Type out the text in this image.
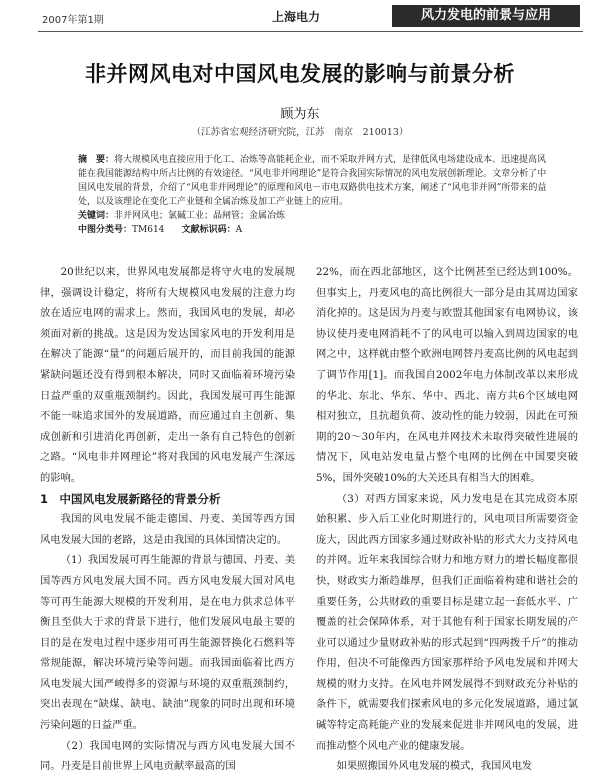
2007年第1期	上海电力	风力发电的前景与应用
非并网风电对中国风电发展的影响与前景分析
顾为东
（江苏省宏观经济研究院，江苏　南京　210013）
摘　要：将大规模风电直接应用于化工、冶炼等高能耗企业，而不采取并网方式，是律低风电场建设成本、迅速提高风能在我国能源结构中所占比例的有效途径。“风电非并网理论”是符合我国实际情况的风电发展创新理论。文章分析了中国风电发展的背景，介绍了“风电非并网理论”的原理和风电－市电双路供电技术方案，阐述了“风电非并网”所带来的益处，以及该理论在变化工产业链和全属冶炼及加工产业链上的应用。
关键词：非并网风电；氯碱工业；晶闸管；金属冶炼
中图分类号：TM614 文献标识码：A

20世纪以来，世界风电发展都是将守火电的发展规律，强调设计稳定，将所有大规模风电发展的注意力均放在适应电网的需求上。然而，我国风电的发展，却必须面对新的挑战。这是因为发达国家风电的开发利用是在解决了能源“量”的问题后展开的，而目前我国的能源紧缺问题还没有得到根本解决，同时又面临着环境污染日益严重的双重瓶颈制约。因此，我国发展可再生能源不能一味追求国外的发展道路，而应通过自主创新、集成创新和引进消化再创新，走出一条有自己特色的创新之路。“风电非并网理论”将对我国的风电发展产生深远的影响。

1　中国风电发展新路径的背景分析

我国的风电发展不能走德国、丹麦、美国等西方国风电发展大国的老路，这是由我国的具体国情决定的。

（1）我国发展可再生能源的背景与德国、丹麦、美国等西方风电发展大国不同。西方风电发展大国对风电等可再生能源大规模的开发利用，是在电力供求总体平衡且至供大于求的背景下进行，他们发展风电最主要的目的是在发电过程中逐步用可再生能源替换化石燃料等常规能源，解决环境污染等问题。而我国面临着比西方风电发展大国严峻得多的资源与环境的双重瓶颈制约，突出表现在“缺煤、缺电、缺油”现象的同时出现和环境污染问题的日益严重。

（2）我国电网的实际情况与西方风电发展大国不同。丹麦是目前世界上风电贡献率最高的国

22%，而在西北部地区，这个比例甚至已经达到100%。但事实上，丹麦风电的高比例很大一部分是由其周边国家消化掉的。这是因为丹麦与欧盟其他国家有电网协议，该协议使丹麦电网消耗不了的风电可以输入到周边国家的电网之中，这样就由整个欧洲电网替丹麦高比例的风电起到了调节作用[1]。而我国自2002年电力体制改革以来形成的华北、东北、华东、华中、西北、南方共6个区域电网相对独立，且抗超负荷、波动性的能力较弱，因此在可预期的20～30年内，在风电并网技术未取得突破性进展的情况下，风电站发电量占整个电网的比例在中国要突破5%，国外突破10%的大关还具有相当大的困难。

（3）对西方国家来说，风力发电是在其完成资本原始积累、步入后工业化时期进行的，风电项目所需要资金庞大，因此西方国家多通过财政补贴的形式大力支持风电的并网。近年来我国综合财力和地方财力的增长幅度都很快，财政实力渐趋雄厚，但我们正面临着构建和谐社会的重要任务，公共财政的重要目标是建立起一套低水平、广覆盖的社会保障体系，对于其他有利于国家长期发展的产业可以通过少量财政补贴的形式起到“四两拨千斤”的推动作用，但决不可能像西方国家那样给予风电发展和并网大规模的财力支持。在风电并网发展得不到财政充分补贴的条件下，就需要我们探索风电的多元化发展道路，通过氯碱等特定高耗能产业的发展来促进非并网风电的发展，进而推动整个风电产业的健康发展。

如果照搬国外风电发展的模式，我国风电发
